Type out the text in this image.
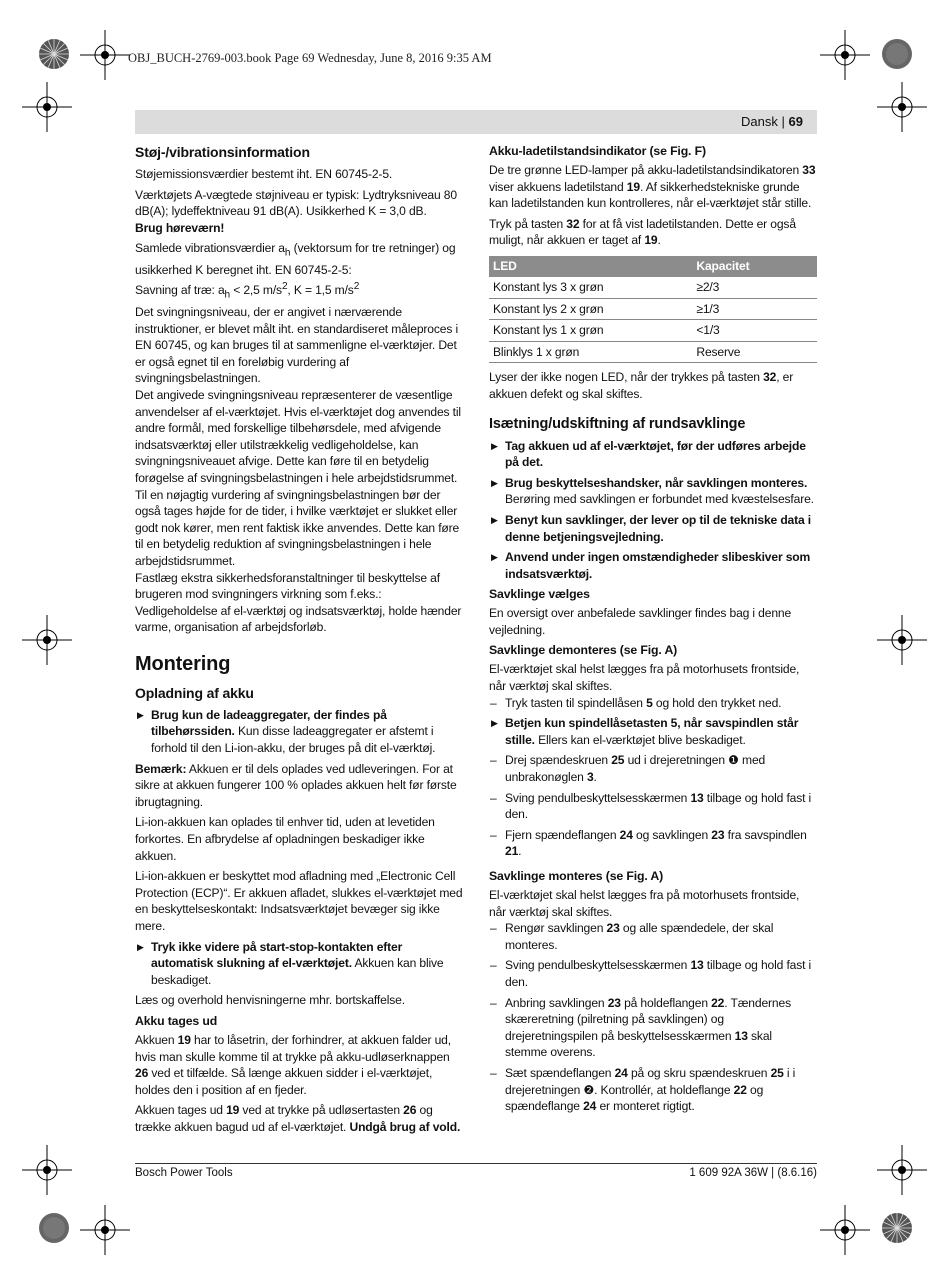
OBJ_BUCH-2769-003.book Page 69 Wednesday, June 8, 2016 9:35 AM
Dansk | 69
Støj-/vibrationsinformation

Støjemissionsværdier bestemt iht. EN 60745-2-5.

Værktøjets A-vægtede støjniveau er typisk: Lydtryksniveau 80 dB(A); lydeffektniveau 91 dB(A). Usikkerhed K = 3,0 dB.

Brug høreværn!

Samlede vibrationsværdier $a_h$ (vektorsum for tre retninger) og usikkerhed K beregnet iht. EN 60745-2-5:

Savning af træ: $a_h < 2,5$ $m/s^2$, K = 1,5 $m/s^2$

Det svingningsniveau, der er angivet i nærværende instruktioner, er blevet målt iht. en standardiseret måleproces i EN 60745, og kan bruges til at sammenligne el-værktøjer. Det er også egnet til en foreløbig vurdering af svingningsbelastningen.

Det angivede svingningsniveau repræsenterer de væsentlige anvendelser af el-værktøjet. Hvis el-værktøjet dog anvendes til andre formål, med forskellige tilbehørsdele, med afvigende indsatsværktøj eller utilstrækkelig vedligeholdelse, kan svingningsniveauet afvige. Dette kan føre til en betydelig forøgelse af svingningsbelastningen i hele arbejdstidsrummet.

Til en nøjagtig vurdering af svingningsbelastningen bør der også tages højde for de tider, i hvilke værktøjet er slukket eller godt nok kører, men rent faktisk ikke anvendes. Dette kan føre til en betydelig reduktion af svingningsbelastningen i hele arbejdstidsrummet.

Fastlæg ekstra sikkerhedsforanstaltninger til beskyttelse af brugeren mod svingningers virkning som f.eks.: Vedligeholdelse af el-værktøj og indsatsværktøj, holde hænder varme, organisation af arbejdsforløb.

Montering
Opladning af akku

▶ Brug kun de ladeaggregater, der findes på tilbehørssiden. Kun disse ladeaggregater er afstemt i forhold til den Li-ion-akku, der bruges på dit el-værktøj.

Bemærk: Akkuen er til dels oplades ved udleveringen. For at sikre at akkuen fungerer 100 % oplades akkuen helt før første ibrugtagning.

Li-ion-akkuen kan oplades til enhver tid, uden at levetiden forkortes. En afbrydelse af opladningen beskadiger ikke akkuen.

Li-ion-akkuen er beskyttet mod afladning med „Electronic Cell Protection (ECP)“. Er akkuen afladet, slukkes el-værktøjet med en beskyttelseskontakt: Indsatsværktøjet bevæger sig ikke mere.

▶ Tryk ikke videre på start-stop-kontakten efter automatisk slukning af el-værktøjet. Akkuen kan blive beskadiget.

Læs og overhold henvisningerne mhr. bortskaffelse.

Akku tages ud

Akkuen 19 har to låsetrin, der forhindrer, at akkuen falder ud, hvis man skulle komme til at trykke på akku-udløserknappen 26 ved et tilfælde. Så længe akkuen sidder i el-værktøjet, holdes den i position af en fjeder.

Akkuen tages ud 19 ved at trykke på udløsertasten 26 og trække akkuen bagud ud af el-værktøjet. Undgå brug af vold.

Akku-ladetilstandsindikator (se Fig. F)

De tre grønne LED-lamper på akku-ladetilstandsindikatoren 33 viser akkuens ladetilstand 19. Af sikkerhedstekniske grunde kan ladetilstanden kun kontrolleres, når el-værktøjet står stille.

Tryk på tasten 32 for at få vist ladetilstanden. Dette er også muligt, når akkuen er taget af 19.

LED	Kapacitet
Konstant lys 3 x grøn	≥2/3
Konstant lys 2 x grøn	≥1/3
Konstant lys 1 x grøn	<1/3
Blinklys 1 x grøn	Reserve

Lyser der ikke nogen LED, når der trykkes på tasten 32, er akkuen defekt og skal skiftes.

Isætning/udskiftning af rundsavklinge

▶ Tag akkuen ud af el-værktøjet, før der udføres arbejde på det.

▶ Brug beskyttelseshandsker, når savklingen monteres. Berøring med savklingen er forbundet med kvæstelsesfare.

▶ Benyt kun savklinger, der lever op til de tekniske data i denne betjeningsvejledning.

▶ Anvend under ingen omstændigheder slibeskiver som indsatsværktøj.

Savklinge vælges

En oversigt over anbefalede savklinger findes bag i denne vejledning.

Savklinge demonteres (se Fig. A)

El-værktøjet skal helst lægges fra på motorhusets frontside, når værktøj skal skiftes.

– Tryk tasten til spindellåsen 5 og hold den trykket ned.

▶ Betjen kun spindellåsetasten 5, når savspindlen står stille. Ellers kan el-værktøjet blive beskadiget.

– Drej spændeskruen 25 ud i drejeretningen ❶ med unbrakonøglen 3.

– Sving pendulbeskyttelsesskærmen 13 tilbage og hold fast i den.

– Fjern spændeflangen 24 og savklingen 23 fra savspindlen 21.

Savklinge monteres (se Fig. A)

El-værktøjet skal helst lægges fra på motorhusets frontside, når værktøj skal skiftes.

– Rengør savklingen 23 og alle spændedele, der skal monteres.

– Sving pendulbeskyttelsesskærmen 13 tilbage og hold fast i den.

– Anbring savklingen 23 på holdeflangen 22. Tændernes skæreretning (pilretning på savklingen) og drejeretningspilen på beskyttelsesskærmen 13 skal stemme overens.

– Sæt spændeflangen 24 på og skru spændeskruen 25 i i drejeretningen ❷. Kontrollér, at holdeflange 22 og spændeflange 24 er monteret rigtigt.

Bosch Power Tools	1 609 92A 36W | (8.6.16)
